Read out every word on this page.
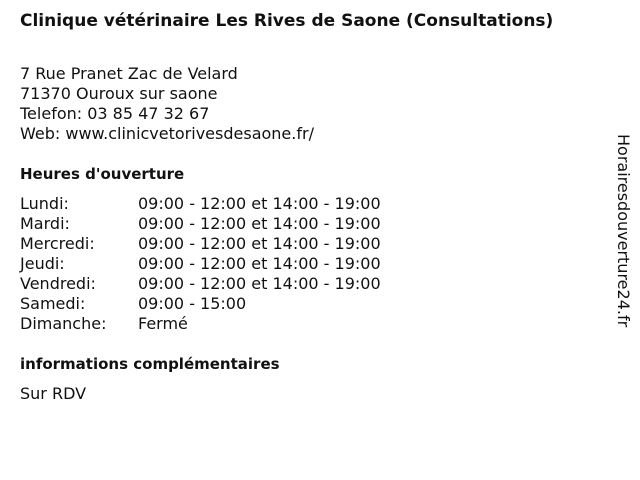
Clinique vétérinaire Les Rives de Saone (Consultations)
7 Rue Pranet Zac de Velard
71370 Ouroux sur saone
Telefon: 03 85 47 32 67
Web: www.clinicvetorivesdesaone.fr/
Heures d'ouverture
Lundi:	09:00 - 12:00 et 14:00 - 19:00
Mardi:	09:00 - 12:00 et 14:00 - 19:00
Mercredi:	09:00 - 12:00 et 14:00 - 19:00
Jeudi:	09:00 - 12:00 et 14:00 - 19:00
Vendredi:	09:00 - 12:00 et 14:00 - 19:00
Samedi:	09:00 - 15:00
Dimanche:	Fermé
informations complémentaires
Sur RDV
Horairesdouverture24.fr
